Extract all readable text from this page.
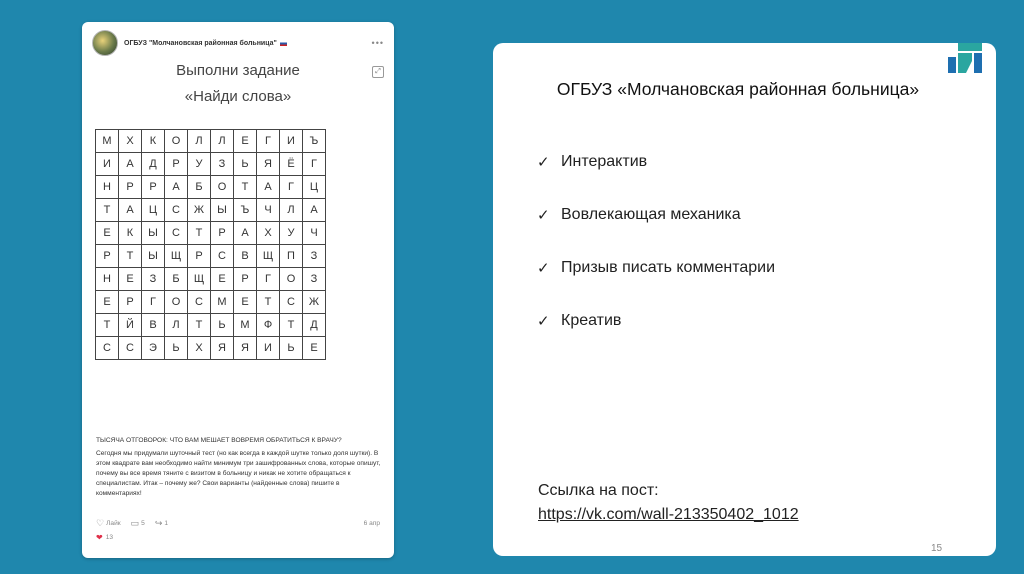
ОГБУЗ "Молчановская районная больница"	•••
Выполни задание
«Найди слова»
⤢
М	Х	К	О	Л	Л	Е	Г	И	Ъ
И	А	Д	Р	У	З	Ь	Я	Ё	Г
Н	Р	Р	А	Б	О	Т	А	Г	Ц
Т	А	Ц	С	Ж	Ы	Ъ	Ч	Л	А
Е	К	Ы	С	Т	Р	А	Х	У	Ч
Р	Т	Ы	Щ	Р	С	В	Щ	П	З
Н	Е	З	Б	Щ	Е	Р	Г	О	З
Е	Р	Г	О	С	М	Е	Т	С	Ж
Т	Й	В	Л	Т	Ь	М	Ф	Т	Д
С	С	Э	Ь	Х	Я	Я	И	Ь	Е
ТЫСЯЧА ОТГОВОРОК: ЧТО ВАМ МЕШАЕТ ВОВРЕМЯ ОБРАТИТЬСЯ К ВРАЧУ?
Сегодня мы придумали шуточный тест (но как всегда в каждой шутке только доля шутки). В этом квадрате вам необходимо найти минимум три зашифрованных слова, которые опишут, почему вы все время тяните с визитом в больницу и никак не хотите обращаться к специалистам. Итак – почему же? Свои варианты (найденные слова) пишите в комментариях!
♡ Лайк ▭ 5 ↪ 1	6 апр
❤ 13
ОГБУЗ «Молчановская районная больница»
✓ Интерактив
✓ Вовлекающая механика
✓ Призыв писать комментарии
✓ Креатив
Ссылка на пост:
https://vk.com/wall-213350402_1012
15
